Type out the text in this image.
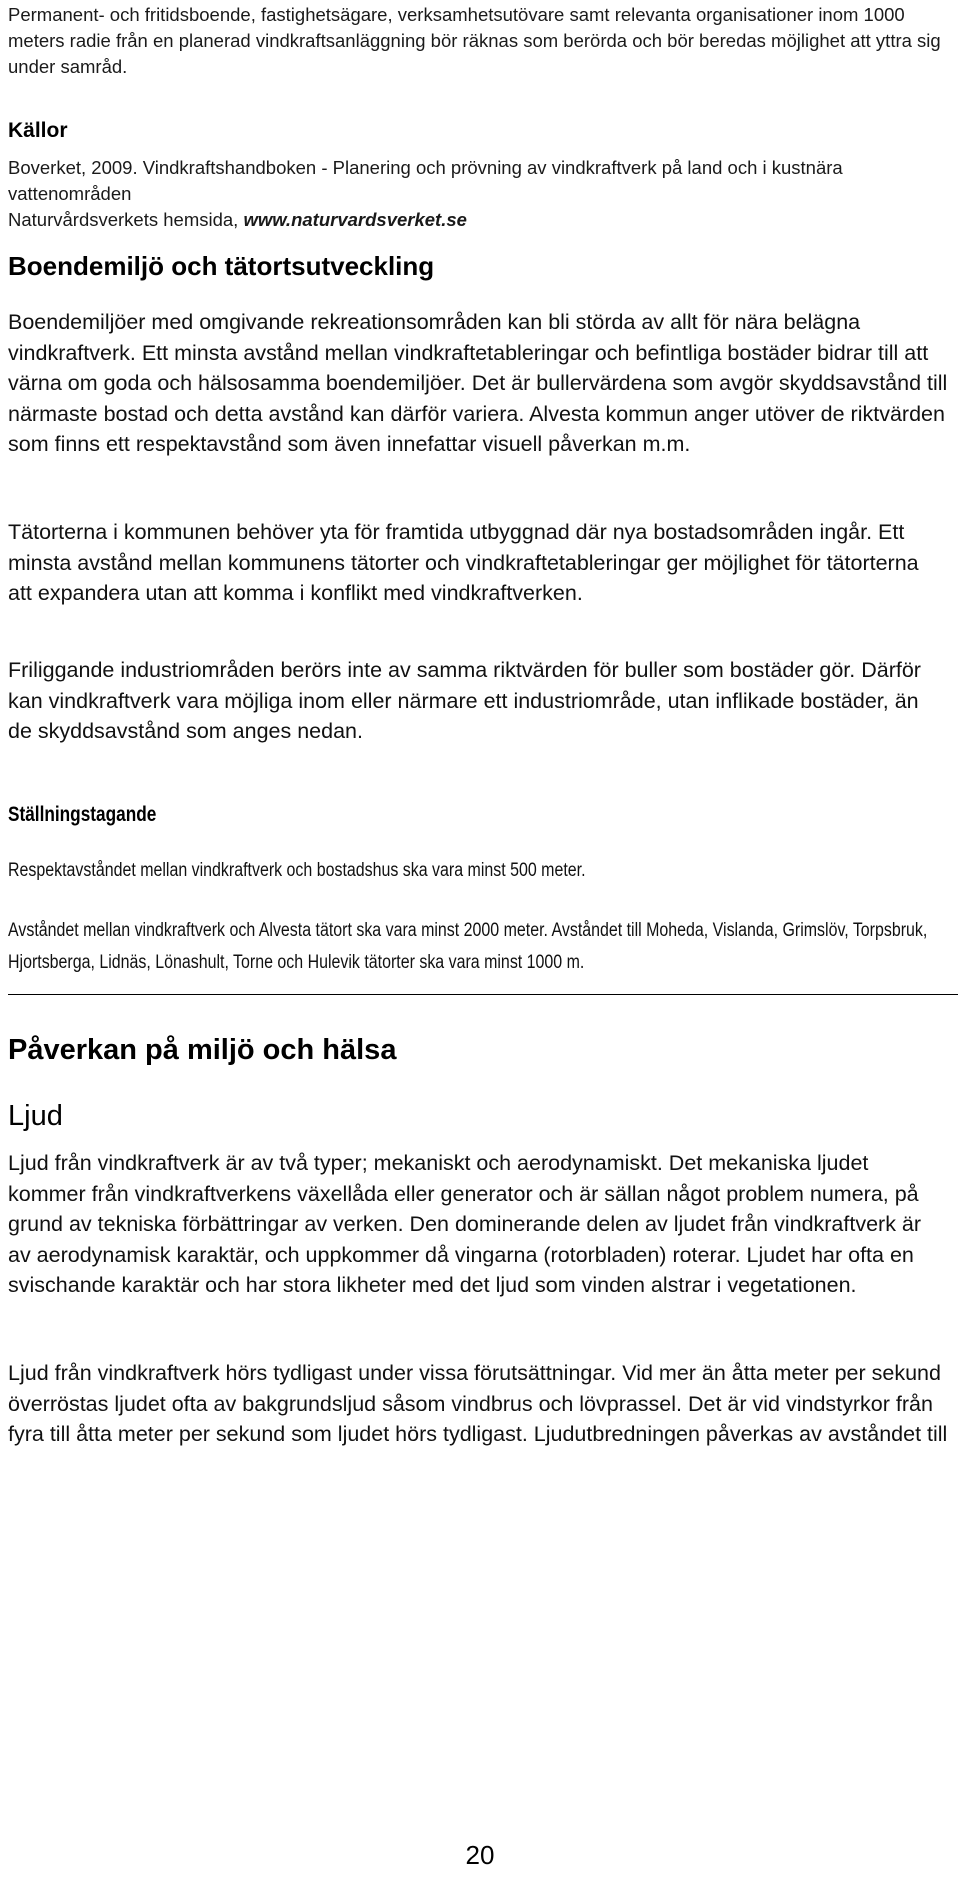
Permanent- och fritidsboende, fastighetsägare, verksamhetsutövare samt relevanta organisationer inom 1000 meters radie från en planerad vindkraftsanläggning bör räknas som berörda och bör beredas möjlighet att yttra sig under samråd.

Källor

Boverket, 2009. Vindkraftshandboken - Planering och prövning av vindkraftverk på land och i kustnära vattenområden

Naturvårdsverkets hemsida, www.naturvardsverket.se

Boendemiljö och tätortsutveckling

Boendemiljöer med omgivande rekreationsområden kan bli störda av allt för nära belägna vindkraftverk. Ett minsta avstånd mellan vindkraftetableringar och befintliga bostäder bidrar till att värna om goda och hälsosamma boendemiljöer. Det är bullervärdena som avgör skyddsavstånd till närmaste bostad och detta avstånd kan därför variera. Alvesta kommun anger utöver de riktvärden som finns ett respektavstånd som även innefattar visuell påverkan m.m.

Tätorterna i kommunen behöver yta för framtida utbyggnad där nya bostadsområden ingår. Ett minsta avstånd mellan kommunens tätorter och vindkraftetableringar ger möjlighet för tätorterna att expandera utan att komma i konflikt med vindkraftverken.

Friliggande industriområden berörs inte av samma riktvärden för buller som bostäder gör. Därför kan vindkraftverk vara möjliga inom eller närmare ett industriområde, utan inflikade bostäder, än de skyddsavstånd som anges nedan.

Ställningstagande

Respektavståndet mellan vindkraftverk och bostadshus ska vara minst 500 meter.

Avståndet mellan vindkraftverk och Alvesta tätort ska vara minst 2000 meter. Avståndet till Moheda, Vislanda, Grimslöv, Torpsbruk, Hjortsberga, Lidnäs, Lönashult, Torne och Hulevik tätorter ska vara minst 1000 m.

Påverkan på miljö och hälsa
Ljud

Ljud från vindkraftverk är av två typer; mekaniskt och aerodynamiskt. Det mekaniska ljudet kommer från vindkraftverkens växellåda eller generator och är sällan något problem numera, på grund av tekniska förbättringar av verken. Den dominerande delen av ljudet från vindkraftverk är av aerodynamisk karaktär, och uppkommer då vingarna (rotorbladen) roterar. Ljudet har ofta en svischande karaktär och har stora likheter med det ljud som vinden alstrar i vegetationen.

Ljud från vindkraftverk hörs tydligast under vissa förutsättningar. Vid mer än åtta meter per sekund överröstas ljudet ofta av bakgrundsljud såsom vindbrus och lövprassel. Det är vid vindstyrkor från fyra till åtta meter per sekund som ljudet hörs tydligast. Ljudutbredningen påverkas av avståndet till

20
